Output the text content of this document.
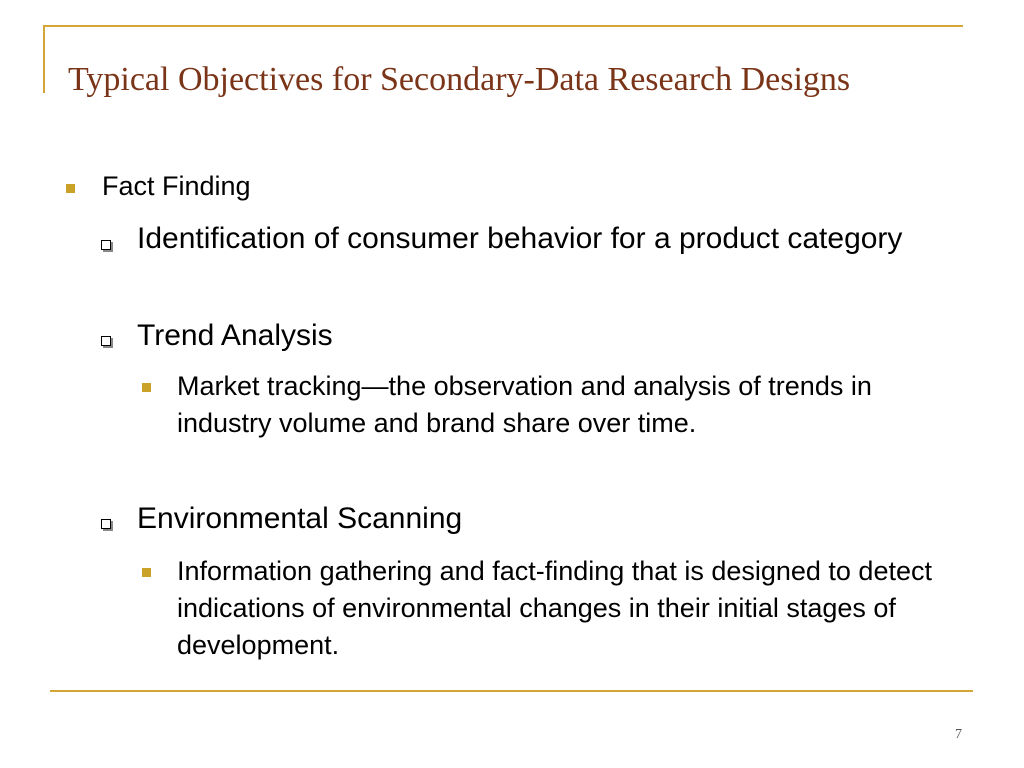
Typical Objectives for Secondary-Data Research Designs

Fact Finding

Identification of consumer behavior for a product category

Trend Analysis

Market tracking—the observation and analysis of trends in industry volume and brand share over time.

Environmental Scanning

Information gathering and fact-finding that is designed to detect indications of environmental changes in their initial stages of development.

7
